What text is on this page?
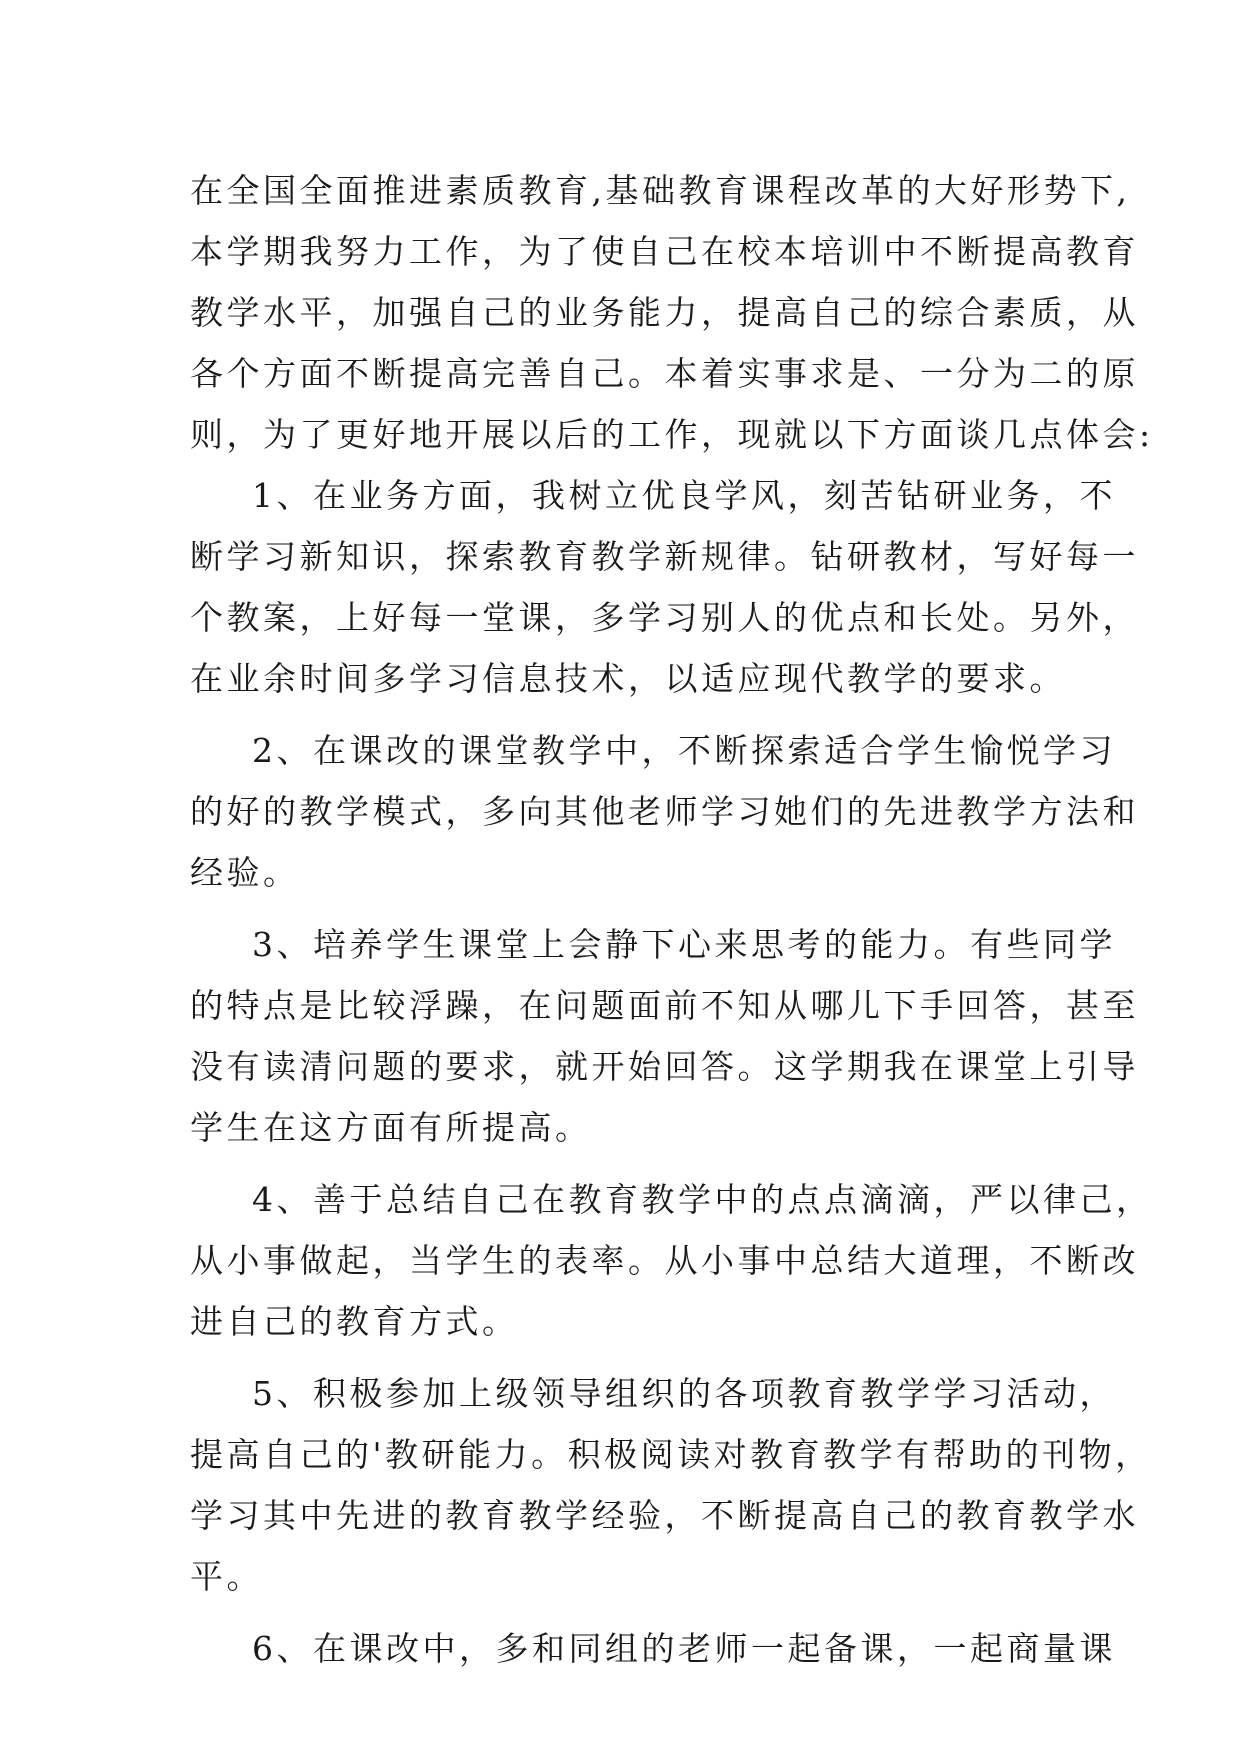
在全国全面推进素质教育,基础教育课程改革的大好形势下,
本学期我努力工作，为了使自己在校本培训中不断提高教育
教学水平，加强自己的业务能力，提高自己的综合素质，从
各个方面不断提高完善自己。本着实事求是、一分为二的原
则，为了更好地开展以后的工作，现就以下方面谈几点体会:
1、在业务方面，我树立优良学风，刻苦钻研业务，不
断学习新知识，探索教育教学新规律。钻研教材，写好每一
个教案，上好每一堂课，多学习别人的优点和长处。另外，
在业余时间多学习信息技术，以适应现代教学的要求。
2、在课改的课堂教学中，不断探索适合学生愉悦学习
的好的教学模式，多向其他老师学习她们的先进教学方法和
经验。
3、培养学生课堂上会静下心来思考的能力。有些同学
的特点是比较浮躁，在问题面前不知从哪儿下手回答，甚至
没有读清问题的要求，就开始回答。这学期我在课堂上引导
学生在这方面有所提高。
4、善于总结自己在教育教学中的点点滴滴，严以律己，
从小事做起，当学生的表率。从小事中总结大道理，不断改
进自己的教育方式。
5、积极参加上级领导组织的各项教育教学学习活动，
提高自己的'教研能力。积极阅读对教育教学有帮助的刊物，
学习其中先进的教育教学经验，不断提高自己的教育教学水
平。
6、在课改中，多和同组的老师一起备课，一起商量课
